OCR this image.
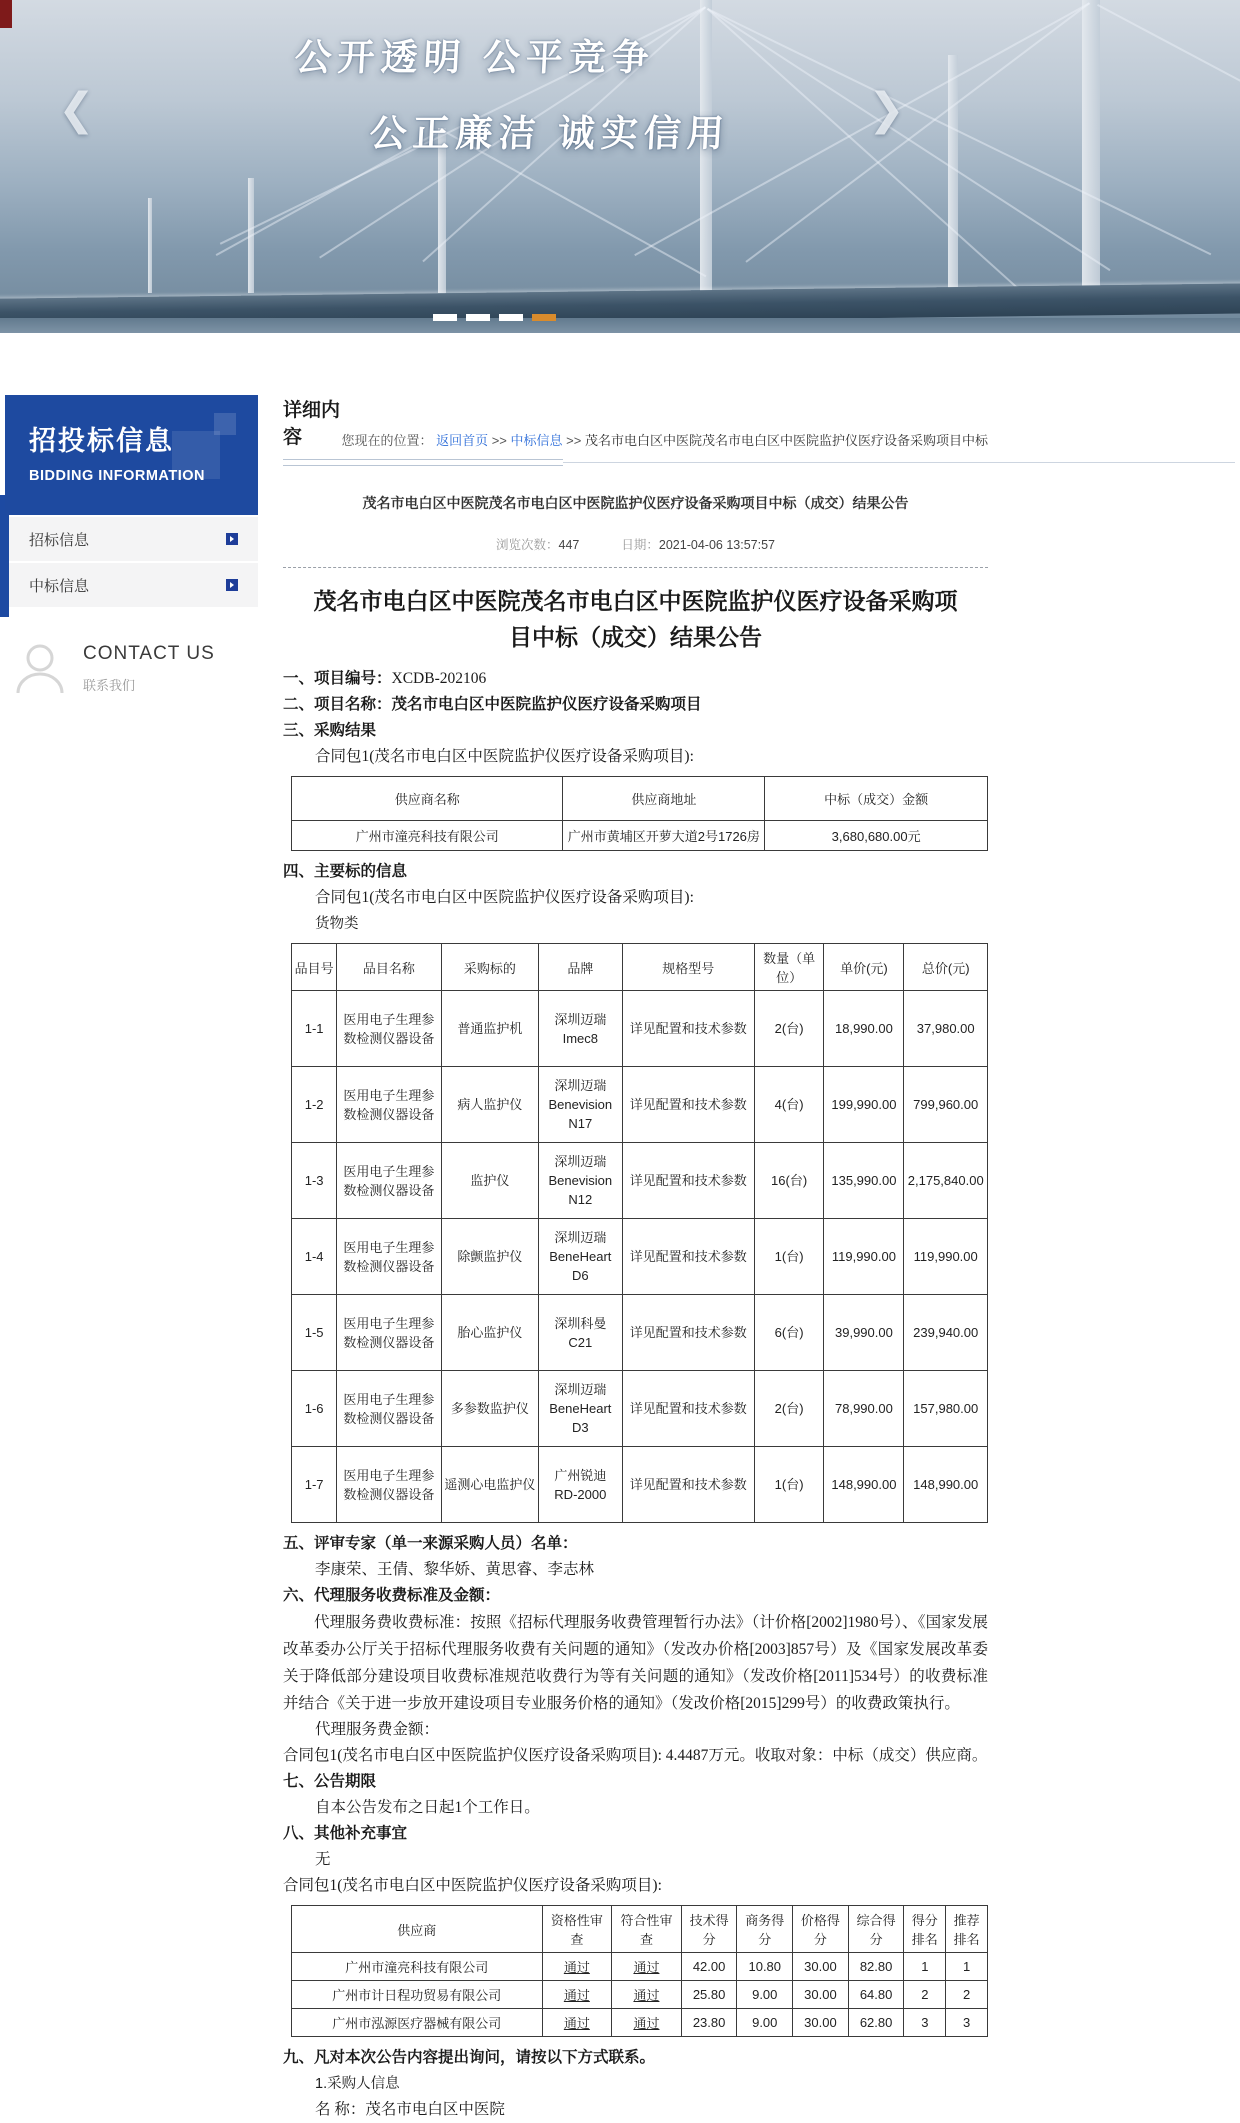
公开透明 公平竞争
公正廉洁 诚实信用
❮	❯
招投标信息
BIDDING INFORMATION
招标信息
中标信息
CONTACT US
联系我们
详细内容	您现在的位置： 返回首页 >> 中标信息 >> 茂名市电白区中医院茂名市电白区中医院监护仪医疗设备采购项目中标
茂名市电白区中医院茂名市电白区中医院监护仪医疗设备采购项目中标（成交）结果公告
浏览次数：447	日期：2021-04-06 13:57:57
茂名市电白区中医院茂名市电白区中医院监护仪医疗设备采购项目中标（成交）结果公告
一、项目编号：XCDB-202106
二、项目名称：茂名市电白区中医院监护仪医疗设备采购项目
三、采购结果
合同包1(茂名市电白区中医院监护仪医疗设备采购项目):
供应商名称	供应商地址	中标（成交）金额
广州市潼亮科技有限公司	广州市黄埔区开萝大道2号1726房	3,680,680.00元
四、主要标的信息
合同包1(茂名市电白区中医院监护仪医疗设备采购项目):
货物类
品目号	品目名称	采购标的	品牌	规格型号	数量（单位）	单价(元)	总价(元)
1-1	医用电子生理参数检测仪器设备	普通监护机	深圳迈瑞 Imec8	详见配置和技术参数	2(台)	18,990.00	37,980.00
1-2	医用电子生理参数检测仪器设备	病人监护仪	深圳迈瑞 Benevision N17	详见配置和技术参数	4(台)	199,990.00	799,960.00
1-3	医用电子生理参数检测仪器设备	监护仪	深圳迈瑞 Benevision N12	详见配置和技术参数	16(台)	135,990.00	2,175,840.00
1-4	医用电子生理参数检测仪器设备	除颤监护仪	深圳迈瑞 BeneHeart D6	详见配置和技术参数	1(台)	119,990.00	119,990.00
1-5	医用电子生理参数检测仪器设备	胎心监护仪	深圳科曼 C21	详见配置和技术参数	6(台)	39,990.00	239,940.00
1-6	医用电子生理参数检测仪器设备	多参数监护仪	深圳迈瑞 BeneHeart D3	详见配置和技术参数	2(台)	78,990.00	157,980.00
1-7	医用电子生理参数检测仪器设备	遥测心电监护仪	广州锐迪 RD-2000	详见配置和技术参数	1(台)	148,990.00	148,990.00
五、评审专家（单一来源采购人员）名单：
李康荣、王倩、黎华娇、黄思睿、李志林
六、代理服务收费标准及金额：
代理服务费收费标准：按照《招标代理服务收费管理暂行办法》（计价格[2002]1980号）、《国家发展改革委办公厅关于招标代理服务收费有关问题的通知》（发改办价格[2003]857号）及《国家发展改革委关于降低部分建设项目收费标准规范收费行为等有关问题的通知》（发改价格[2011]534号）的收费标准并结合《关于进一步放开建设项目专业服务价格的通知》（发改价格[2015]299号）的收费政策执行。
代理服务费金额：
合同包1(茂名市电白区中医院监护仪医疗设备采购项目): 4.4487万元。收取对象：中标（成交）供应商。
七、公告期限
自本公告发布之日起1个工作日。
八、其他补充事宜
无
合同包1(茂名市电白区中医院监护仪医疗设备采购项目):
供应商	资格性审查	符合性审查	技术得分	商务得分	价格得分	综合得分	得分排名	推荐排名
广州市潼亮科技有限公司	通过	通过	42.00	10.80	30.00	82.80	1	1
广州市计日程功贸易有限公司	通过	通过	25.80	9.00	30.00	64.80	2	2
广州市泓源医疗器械有限公司	通过	通过	23.80	9.00	30.00	62.80	3	3
九、凡对本次公告内容提出询问，请按以下方式联系。
1.采购人信息
名 称：茂名市电白区中医院
